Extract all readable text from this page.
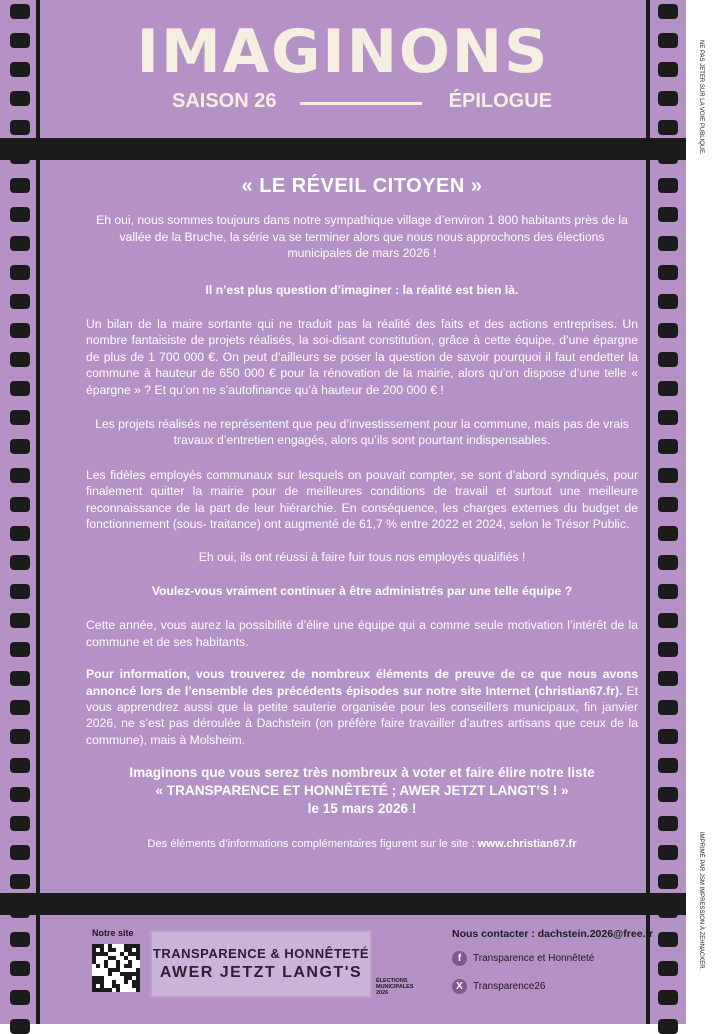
IMAGINONS
SAISON 26	ÉPILOGUE
« LE RÉVEIL CITOYEN »
Eh oui, nous sommes toujours dans notre sympathique village d’environ 1 800 habitants près de la vallée de la Bruche, la série va se terminer alors que nous nous approchons des élections municipales de mars 2026 !
Il n’est plus question d’imaginer : la réalité est bien là.
Un bilan de la maire sortante qui ne traduit pas la réalité des faits et des actions entreprises. Un nombre fantaisiste de projets réalisés, la soi-disant constitution, grâce à cette équipe, d’une épargne de plus de 1 700 000 €. On peut d’ailleurs se poser la question de savoir pourquoi il faut endetter la commune à hauteur de 650 000 € pour la rénovation de la mairie, alors qu’on dispose d’une telle « épargne » ? Et qu’on ne s’autofinance qu’à hauteur de 200 000 € !
Les projets réalisés ne représentent que peu d’investissement pour la commune, mais pas de vrais travaux d’entretien engagés, alors qu’ils sont pourtant indispensables.
Les fidèles employés communaux sur lesquels on pouvait compter, se sont d’abord syndiqués, pour finalement quitter la mairie pour de meilleures conditions de travail et surtout une meilleure reconnaissance de la part de leur hiérarchie. En conséquence, les charges externes du budget de fonctionnement (sous- traitance) ont augmenté de 61,7 % entre 2022 et 2024, selon le Trésor Public.
Eh oui, ils ont réussi à faire fuir tous nos employés qualifiés !
Voulez-vous vraiment continuer à être administrés par une telle équipe ?
Cette année, vous aurez la possibilité d’élire une équipe qui a comme seule motivation l’intérêt de la commune et de ses habitants.
Pour information, vous trouverez de nombreux éléments de preuve de ce que nous avons annoncé lors de l’ensemble des précédents épisodes sur notre site Internet (christian67.fr). Et vous apprendrez aussi que la petite sauterie organisée pour les conseillers municipaux, fin janvier 2026, ne s’est pas déroulée à Dachstein (on préfère faire travailler d’autres artisans que ceux de la commune), mais à Molsheim.
Imaginons que vous serez très nombreux à voter et faire élire notre liste
« TRANSPARENCE ET HONNÊTETÉ ; AWER JETZT LANGT’S ! »
le 15 mars 2026 !
Des éléments d’informations complémentaires figurent sur le site : www.christian67.fr
Notre site
TRANSPARENCE & HONNÊTETÉ
AWER JETZT LANGT'S	ÉLECTIONS
MUNICIPALES
2026
Nous contacter : dachstein.2026@free.fr
f	Transparence et Honnêteté
X	Transparence26
NE PAS JETER SUR LA VOIE PUBLIQUE.
IMPRIMÉ PAR JSM IMPRESSION À ZEHNACKER.
